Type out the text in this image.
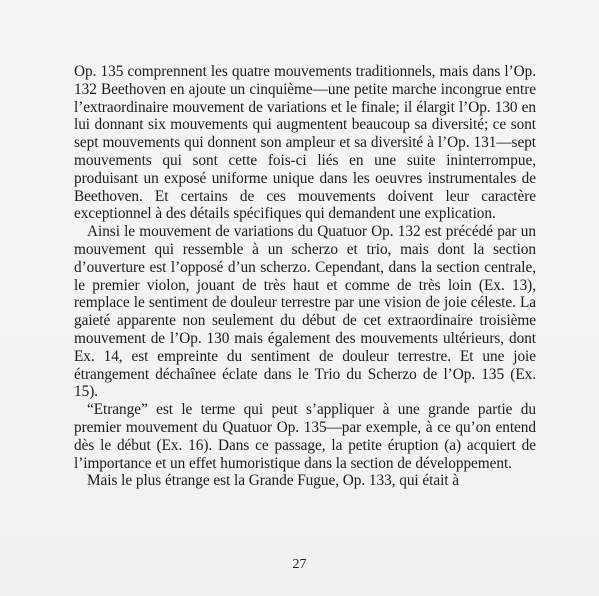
Op. 135 comprennent les quatre mouvements traditionnels, mais dans l’Op. 132 Beethoven en ajoute un cinquième—une petite marche incongrue entre l’extraordinaire mouvement de variations et le finale; il élargit l’Op. 130 en lui donnant six mouvements qui augmentent beaucoup sa diversité; ce sont sept mouvements qui donnent son ampleur et sa diversité à l’Op. 131—sept mouvements qui sont cette fois-ci liés en une suite ininterrompue, produisant un exposé uniforme unique dans les oeuvres instrumentales de Beethoven. Et certains de ces mouvements doivent leur caractère exceptionnel à des détails spécifiques qui demandent une explication.

Ainsi le mouvement de variations du Quatuor Op. 132 est précédé par un mouvement qui ressemble à un scherzo et trio, mais dont la section d’ouverture est l’opposé d’un scherzo. Cependant, dans la section centrale, le premier violon, jouant de très haut et comme de très loin (Ex. 13), remplace le sentiment de douleur terrestre par une vision de joie céleste. La gaieté apparente non seulement du début de cet extraordinaire troisième mouvement de l’Op. 130 mais également des mouvements ultérieurs, dont Ex. 14, est empreinte du sentiment de douleur terrestre. Et une joie étrangement déchaînee éclate dans le Trio du Scherzo de l’Op. 135 (Ex. 15).

“Etrange” est le terme qui peut s’appliquer à une grande partie du premier mouvement du Quatuor Op. 135—par exemple, à ce qu’on entend dès le début (Ex. 16). Dans ce passage, la petite éruption (a) acquiert de l’importance et un effet humoristique dans la section de développement.

Mais le plus étrange est la Grande Fugue, Op. 133, qui était à

27
